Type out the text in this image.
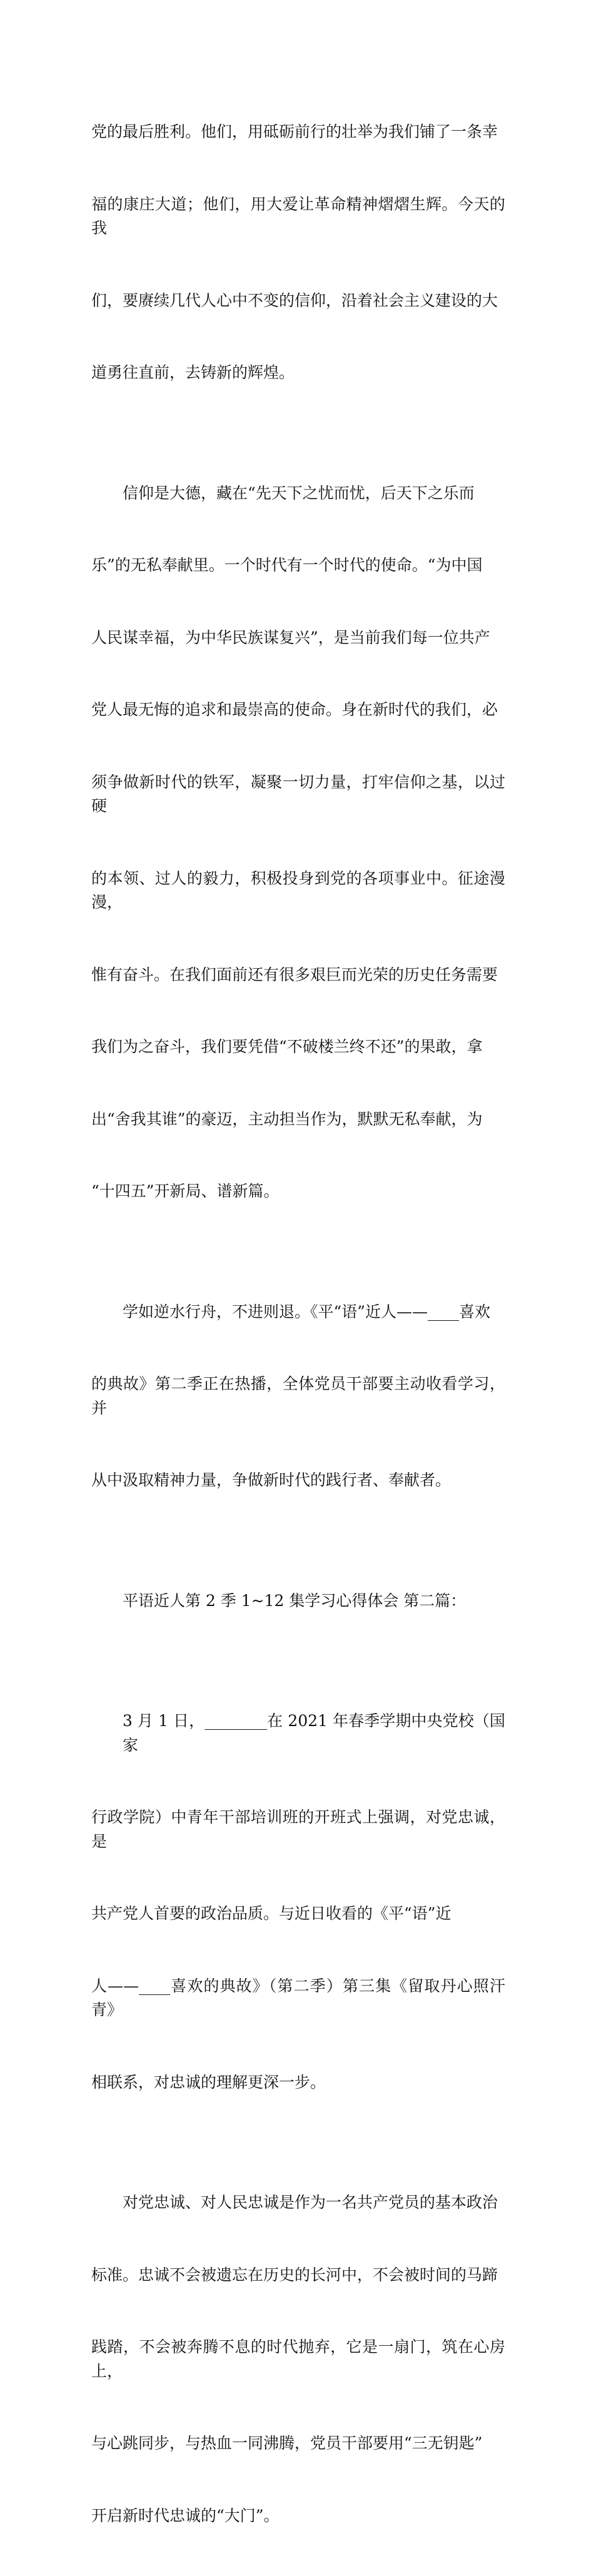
党的最后胜利。他们，用砥砺前行的壮举为我们铺了一条幸

福的康庄大道；他们，用大爱让革命精神熠熠生辉。今天的我

们，要赓续几代人心中不变的信仰，沿着社会主义建设的大

道勇往直前，去铸新的辉煌。

信仰是大德，藏在“先天下之忧而忧，后天下之乐而

乐”的无私奉献里。一个时代有一个时代的使命。“为中国

人民谋幸福，为中华民族谋复兴”，是当前我们每一位共产

党人最无悔的追求和最崇高的使命。身在新时代的我们，必

须争做新时代的铁军，凝聚一切力量，打牢信仰之基，以过硬

的本领、过人的毅力，积极投身到党的各项事业中。征途漫漫，

惟有奋斗。在我们面前还有很多艰巨而光荣的历史任务需要

我们为之奋斗，我们要凭借“不破楼兰终不还”的果敢，拿

出“舍我其谁”的豪迈，主动担当作为，默默无私奉献，为

“十四五”开新局、谱新篇。

学如逆水行舟，不进则退。《平“语”近人——____喜欢

的典故》第二季正在热播，全体党员干部要主动收看学习，并

从中汲取精神力量，争做新时代的践行者、奉献者。

平语近人第 2 季 1~12 集学习心得体会 第二篇：

3 月 1 日，________在 2021 年春季学期中央党校（国家

行政学院）中青年干部培训班的开班式上强调，对党忠诚，是

共产党人首要的政治品质。与近日收看的《平“语”近

人——____喜欢的典故》（第二季）第三集《留取丹心照汗青》

相联系，对忠诚的理解更深一步。

对党忠诚、对人民忠诚是作为一名共产党员的基本政治

标准。忠诚不会被遗忘在历史的长河中，不会被时间的马蹄

践踏，不会被奔腾不息的时代抛弃，它是一扇门，筑在心房上，

与心跳同步，与热血一同沸腾，党员干部要用“三无钥匙”

开启新时代忠诚的“大门”。
